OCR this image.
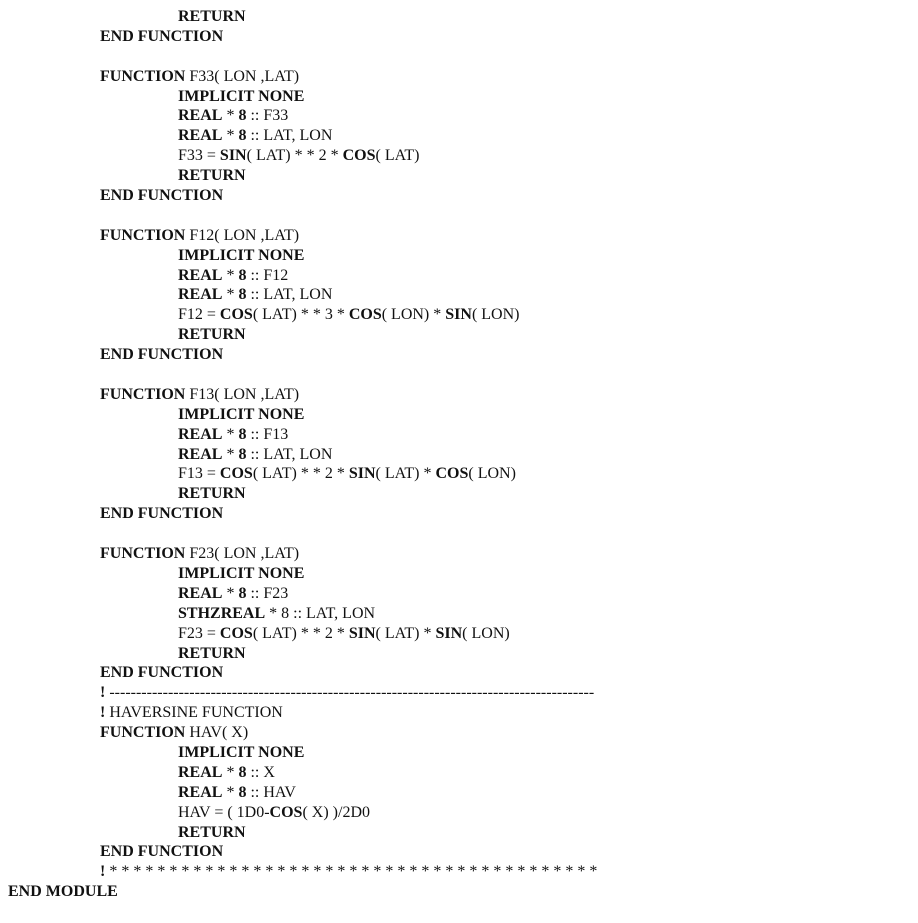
RETURN
END FUNCTION
FUNCTION F33( LON ,LAT)
IMPLICIT NONE
REAL * 8 :: F33
REAL * 8 :: LAT, LON
F33 = SIN( LAT) * * 2 * COS( LAT)
RETURN
END FUNCTION
FUNCTION F12( LON ,LAT)
IMPLICIT NONE
REAL * 8 :: F12
REAL * 8 :: LAT, LON
F12 = COS( LAT) * * 3 * COS( LON) * SIN( LON)
RETURN
END FUNCTION
FUNCTION F13( LON ,LAT)
IMPLICIT NONE
REAL * 8 :: F13
REAL * 8 :: LAT, LON
F13 = COS( LAT) * * 2 * SIN( LAT) * COS( LON)
RETURN
END FUNCTION
FUNCTION F23( LON ,LAT)
IMPLICIT NONE
REAL * 8 :: F23
STHZREAL * 8 :: LAT, LON
F23 = COS( LAT) * * 2 * SIN( LAT) * SIN( LON)
RETURN
END FUNCTION
! -------------------------------------------------------------------------------------------
! HAVERSINE FUNCTION
FUNCTION HAV( X)
IMPLICIT NONE
REAL * 8 :: X
REAL * 8 :: HAV
HAV = ( 1D0-COS( X) )/2D0
RETURN
END FUNCTION
! * * * * * * * * * * * * * * * * * * * * * * * * * * * * * * * * * * * * * * * * *
END MODULE
